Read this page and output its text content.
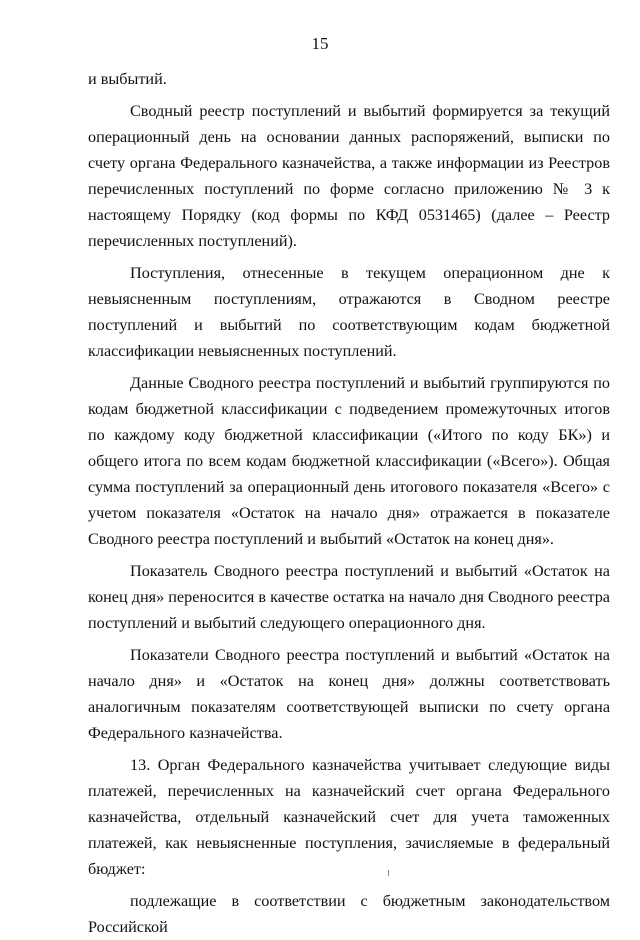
15

и выбытий.

Сводный реестр поступлений и выбытий формируется за текущий операционный день на основании данных распоряжений, выписки по счету органа Федерального казначейства, а также информации из Реестров перечисленных поступлений по форме согласно приложению № 3 к настоящему Порядку (код формы по КФД 0531465) (далее – Реестр перечисленных поступлений).

Поступления, отнесенные в текущем операционном дне к невыясненным поступлениям, отражаются в Сводном реестре поступлений и выбытий по соответствующим кодам бюджетной классификации невыясненных поступлений.

Данные Сводного реестра поступлений и выбытий группируются по кодам бюджетной классификации с подведением промежуточных итогов по каждому коду бюджетной классификации («Итого по коду БК») и общего итога по всем кодам бюджетной классификации («Всего»). Общая сумма поступлений за операционный день итогового показателя «Всего» с учетом показателя «Остаток на начало дня» отражается в показателе Сводного реестра поступлений и выбытий «Остаток на конец дня».

Показатель Сводного реестра поступлений и выбытий «Остаток на конец дня» переносится в качестве остатка на начало дня Сводного реестра поступлений и выбытий следующего операционного дня.

Показатели Сводного реестра поступлений и выбытий «Остаток на начало дня» и «Остаток на конец дня» должны соответствовать аналогичным показателям соответствующей выписки по счету органа Федерального казначейства.

13. Орган Федерального казначейства учитывает следующие виды платежей, перечисленных на казначейский счет органа Федерального казначейства, отдельный казначейский счет для учета таможенных платежей, как невыясненные поступления, зачисляемые в федеральный бюджет:

подлежащие в соответствии с бюджетным законодательством Российской
